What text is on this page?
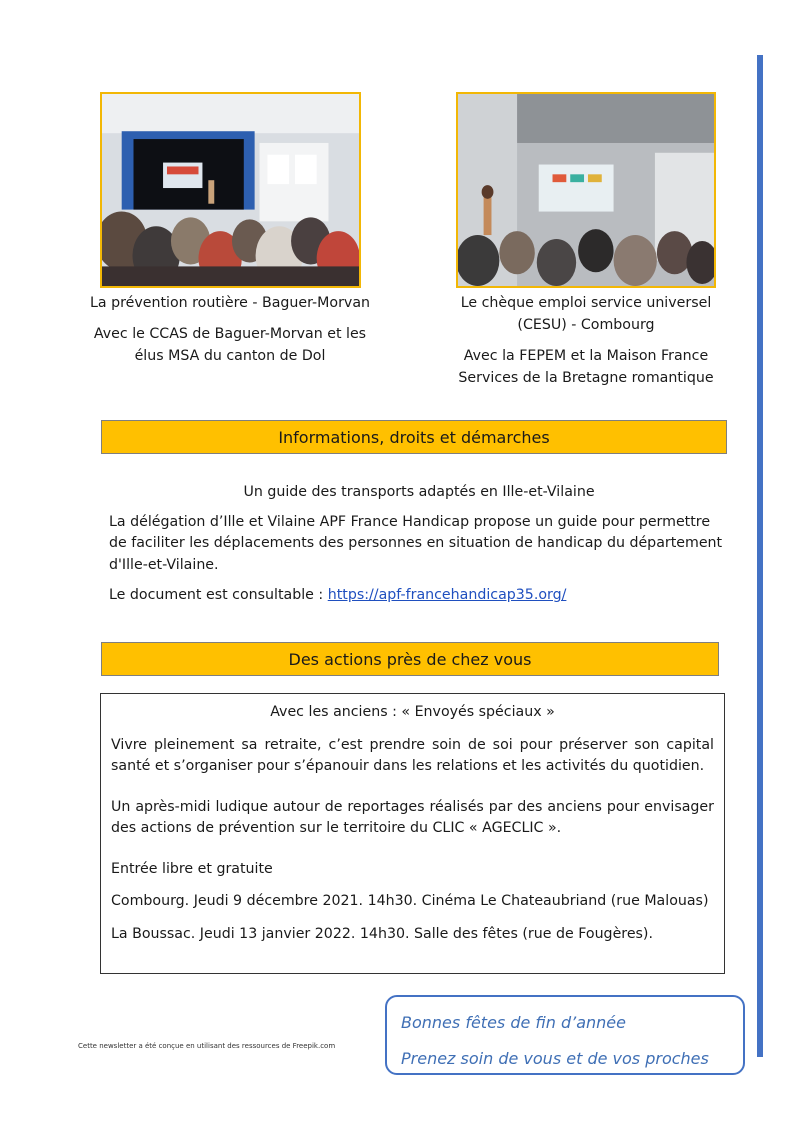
La prévention routière - Baguer-Morvan

Avec le CCAS de Baguer-Morvan et les élus MSA du canton de Dol

Le chèque emploi service universel (CESU) - Combourg

Avec la FEPEM et la Maison France Services de la Bretagne romantique

Informations, droits et démarches

Un guide des transports adaptés en Ille-et-Vilaine

La délégation d’Ille et Vilaine APF France Handicap propose un guide pour permettre de faciliter les déplacements des personnes en situation de handicap du département d'Ille-et-Vilaine.

Le document est consultable : https://apf-francehandicap35.org/

Des actions près de chez vous

Avec les anciens : « Envoyés spéciaux »

Vivre pleinement sa retraite, c’est prendre soin de soi pour préserver son capital santé et s’organiser pour s’épanouir dans les relations et les activités du quotidien.

Un après-midi ludique autour de reportages réalisés par des anciens pour envisager des actions de prévention sur le territoire du CLIC « AGECLIC ».

Entrée libre et gratuite

Combourg. Jeudi 9 décembre 2021. 14h30. Cinéma Le Chateaubriand (rue Malouas)

La Boussac. Jeudi 13 janvier 2022. 14h30. Salle des fêtes (rue de Fougères).

Cette newsletter a été conçue en utilisant des ressources de Freepik.com

Bonnes fêtes de fin d’année

Prenez soin de vous et de vos proches
